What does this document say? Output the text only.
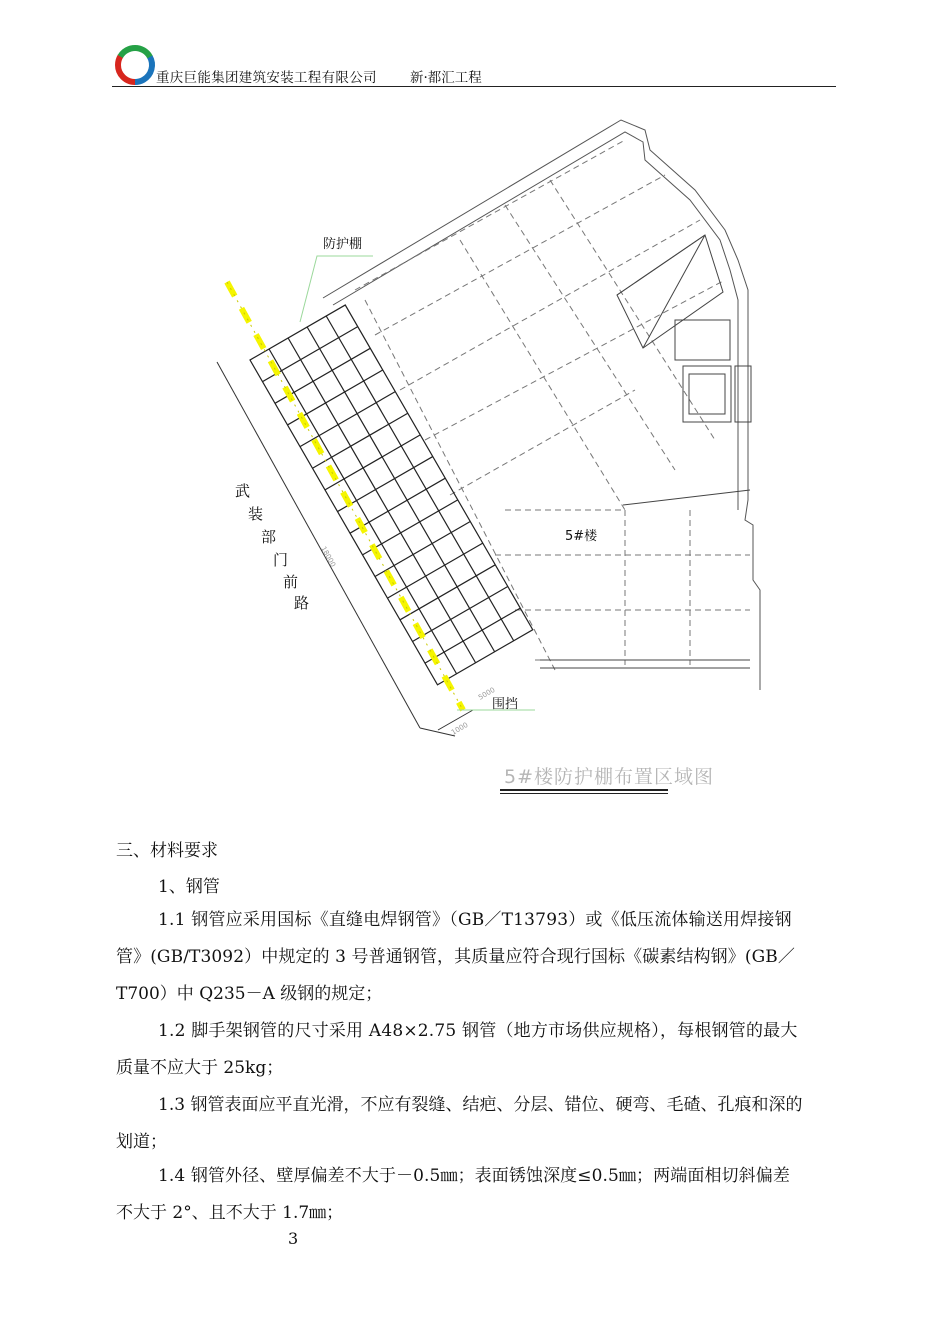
重庆巨能集团建筑安装工程有限公司 新·都汇工程
防护棚
5#楼
围挡
18000
5000
1000
武
装
部
门
前
路
5#楼防护棚布置区域图
三、材料要求
1、钢管
1.1 钢管应采用国标《直缝电焊钢管》（GB／T13793）或《低压流体输送用焊接钢
管》(GB/T3092）中规定的 3 号普通钢管，其质量应符合现行国标《碳素结构钢》(GB／
T700）中 Q235－A 级钢的规定；
1.2 脚手架钢管的尺寸采用 A48×2.75 钢管（地方市场供应规格），每根钢管的最大
质量不应大于 25kg；
1.3 钢管表面应平直光滑，不应有裂缝、结疤、分层、错位、硬弯、毛碴、孔痕和深的
划道；
1.4 钢管外径、壁厚偏差不大于－0.5㎜；表面锈蚀深度≤0.5㎜；两端面相切斜偏差
不大于 2°、且不大于 1.7㎜；
3
